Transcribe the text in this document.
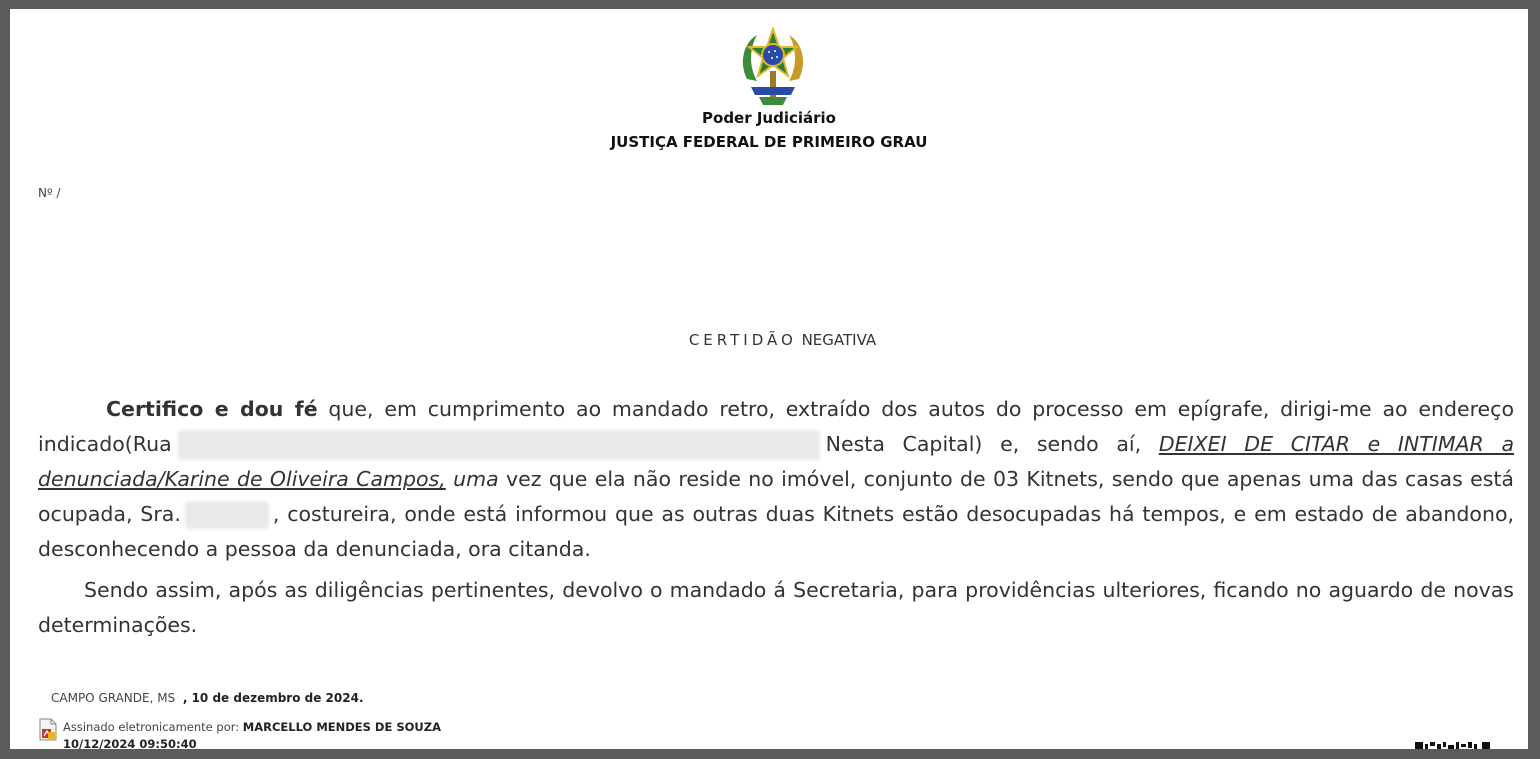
Poder Judiciário
JUSTIÇA FEDERAL DE PRIMEIRO GRAU
Nº /
CERTIDÃO NEGATIVA

Certifico e dou fé que, em cumprimento ao mandado retro, extraído dos autos do processo em epígrafe, dirigi-me ao endereço indicado(Rua	Nesta Capital) e, sendo aí, DEIXEI DE CITAR e INTIMAR a denunciada/Karine de Oliveira Campos, uma vez que ela não reside no imóvel, conjunto de 03 Kitnets, sendo que apenas uma das casas está ocupada, Sra.	, costureira, onde está informou que as outras duas Kitnets estão desocupadas há tempos, e em estado de abandono, desconhecendo a pessoa da denunciada, ora citanda.

Sendo assim, após as diligências pertinentes, devolvo o mandado á Secretaria, para providências ulteriores, ficando no aguardo de novas determinações.

CAMPO GRANDE, MS , 10 de dezembro de 2024.
Assinado eletronicamente por: MARCELLO MENDES DE SOUZA
10/12/2024 09:50:40
